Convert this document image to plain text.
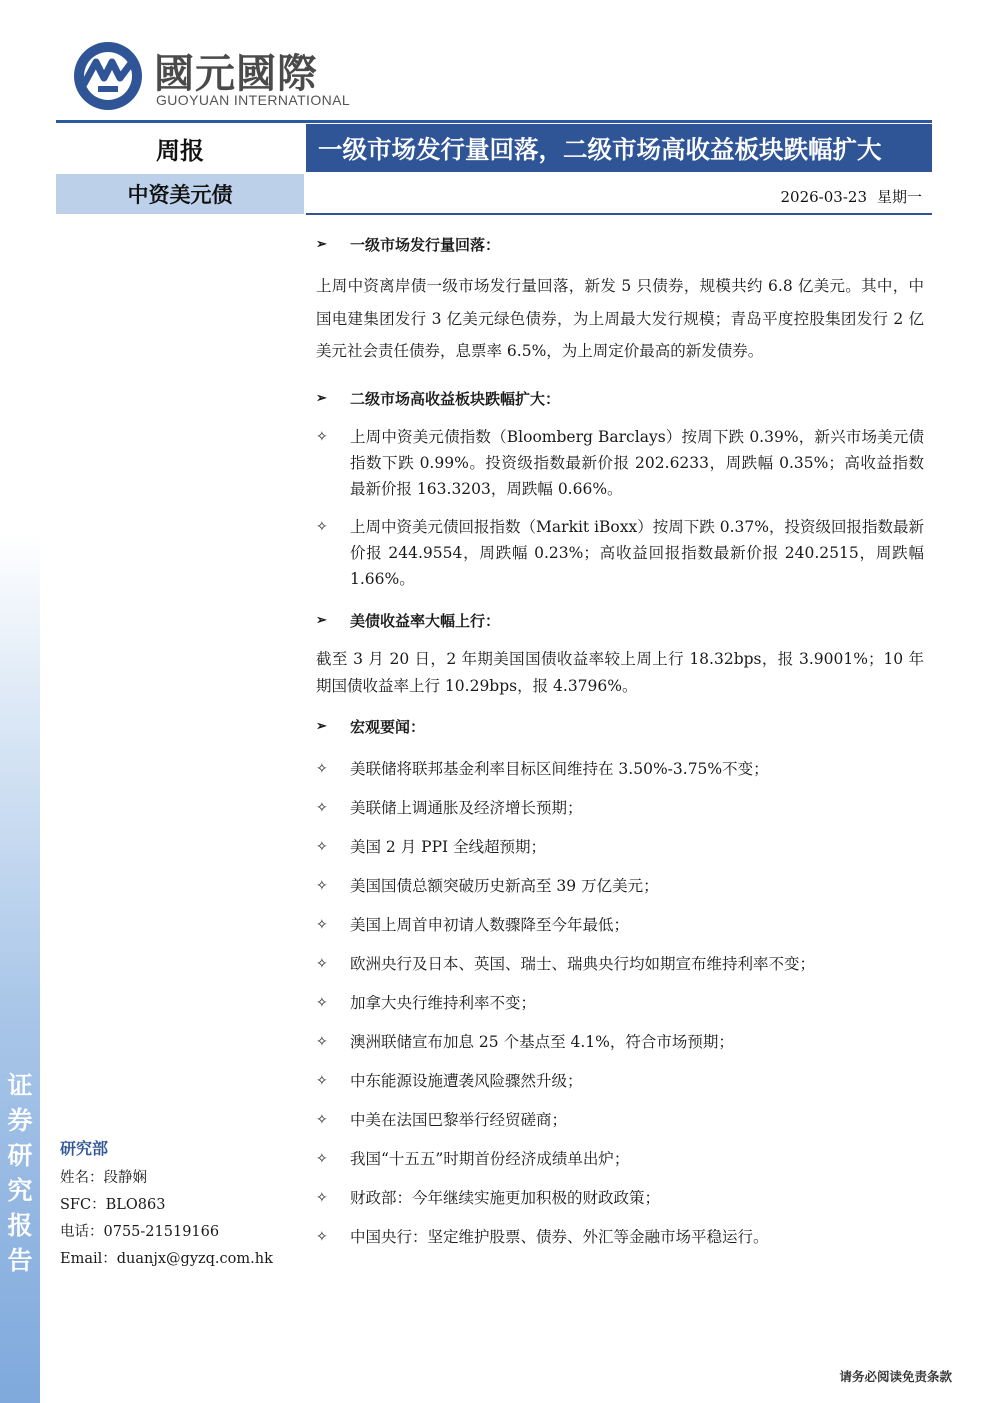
证
券
研
究
报
告
國元國際
GUOYUAN INTERNATIONAL
周报	一级市场发行量回落，二级市场高收益板块跌幅扩大
中资美元债	2026-03-23 星期一
➢ 一级市场发行量回落：
上周中资离岸债一级市场发行量回落，新发 5 只债券，规模共约 6.8 亿美元。其中，中国电建集团发行 3 亿美元绿色债券，为上周最大发行规模；青岛平度控股集团发行 2 亿美元社会责任债券，息票率 6.5%，为上周定价最高的新发债券。
➢ 二级市场高收益板块跌幅扩大：
✧ 上周中资美元债指数（Bloomberg Barclays）按周下跌 0.39%，新兴市场美元债指数下跌 0.99%。投资级指数最新价报 202.6233，周跌幅 0.35%；高收益指数最新价报 163.3203，周跌幅 0.66%。
✧ 上周中资美元债回报指数（Markit iBoxx）按周下跌 0.37%，投资级回报指数最新价报 244.9554，周跌幅 0.23%；高收益回报指数最新价报 240.2515，周跌幅 1.66%。
➢ 美债收益率大幅上行：
截至 3 月 20 日，2 年期美国国债收益率较上周上行 18.32bps，报 3.9001%；10 年期国债收益率上行 10.29bps，报 4.3796%。
➢ 宏观要闻：
✧ 美联储将联邦基金利率目标区间维持在 3.50%-3.75%不变；
✧ 美联储上调通胀及经济增长预期；
✧ 美国 2 月 PPI 全线超预期；
✧ 美国国债总额突破历史新高至 39 万亿美元；
✧ 美国上周首申初请人数骤降至今年最低；
✧ 欧洲央行及日本、英国、瑞士、瑞典央行均如期宣布维持利率不变；
✧ 加拿大央行维持利率不变；
✧ 澳洲联储宣布加息 25 个基点至 4.1%，符合市场预期；
✧ 中东能源设施遭袭风险骤然升级；
✧ 中美在法国巴黎举行经贸磋商；
✧ 我国“十五五”时期首份经济成绩单出炉；
✧ 财政部：今年继续实施更加积极的财政政策；
✧ 中国央行：坚定维护股票、债券、外汇等金融市场平稳运行。
研究部
姓名：段静娴
SFC：BLO863
电话：0755-21519166
Email：duanjx@gyzq.com.hk
请务必阅读免责条款
